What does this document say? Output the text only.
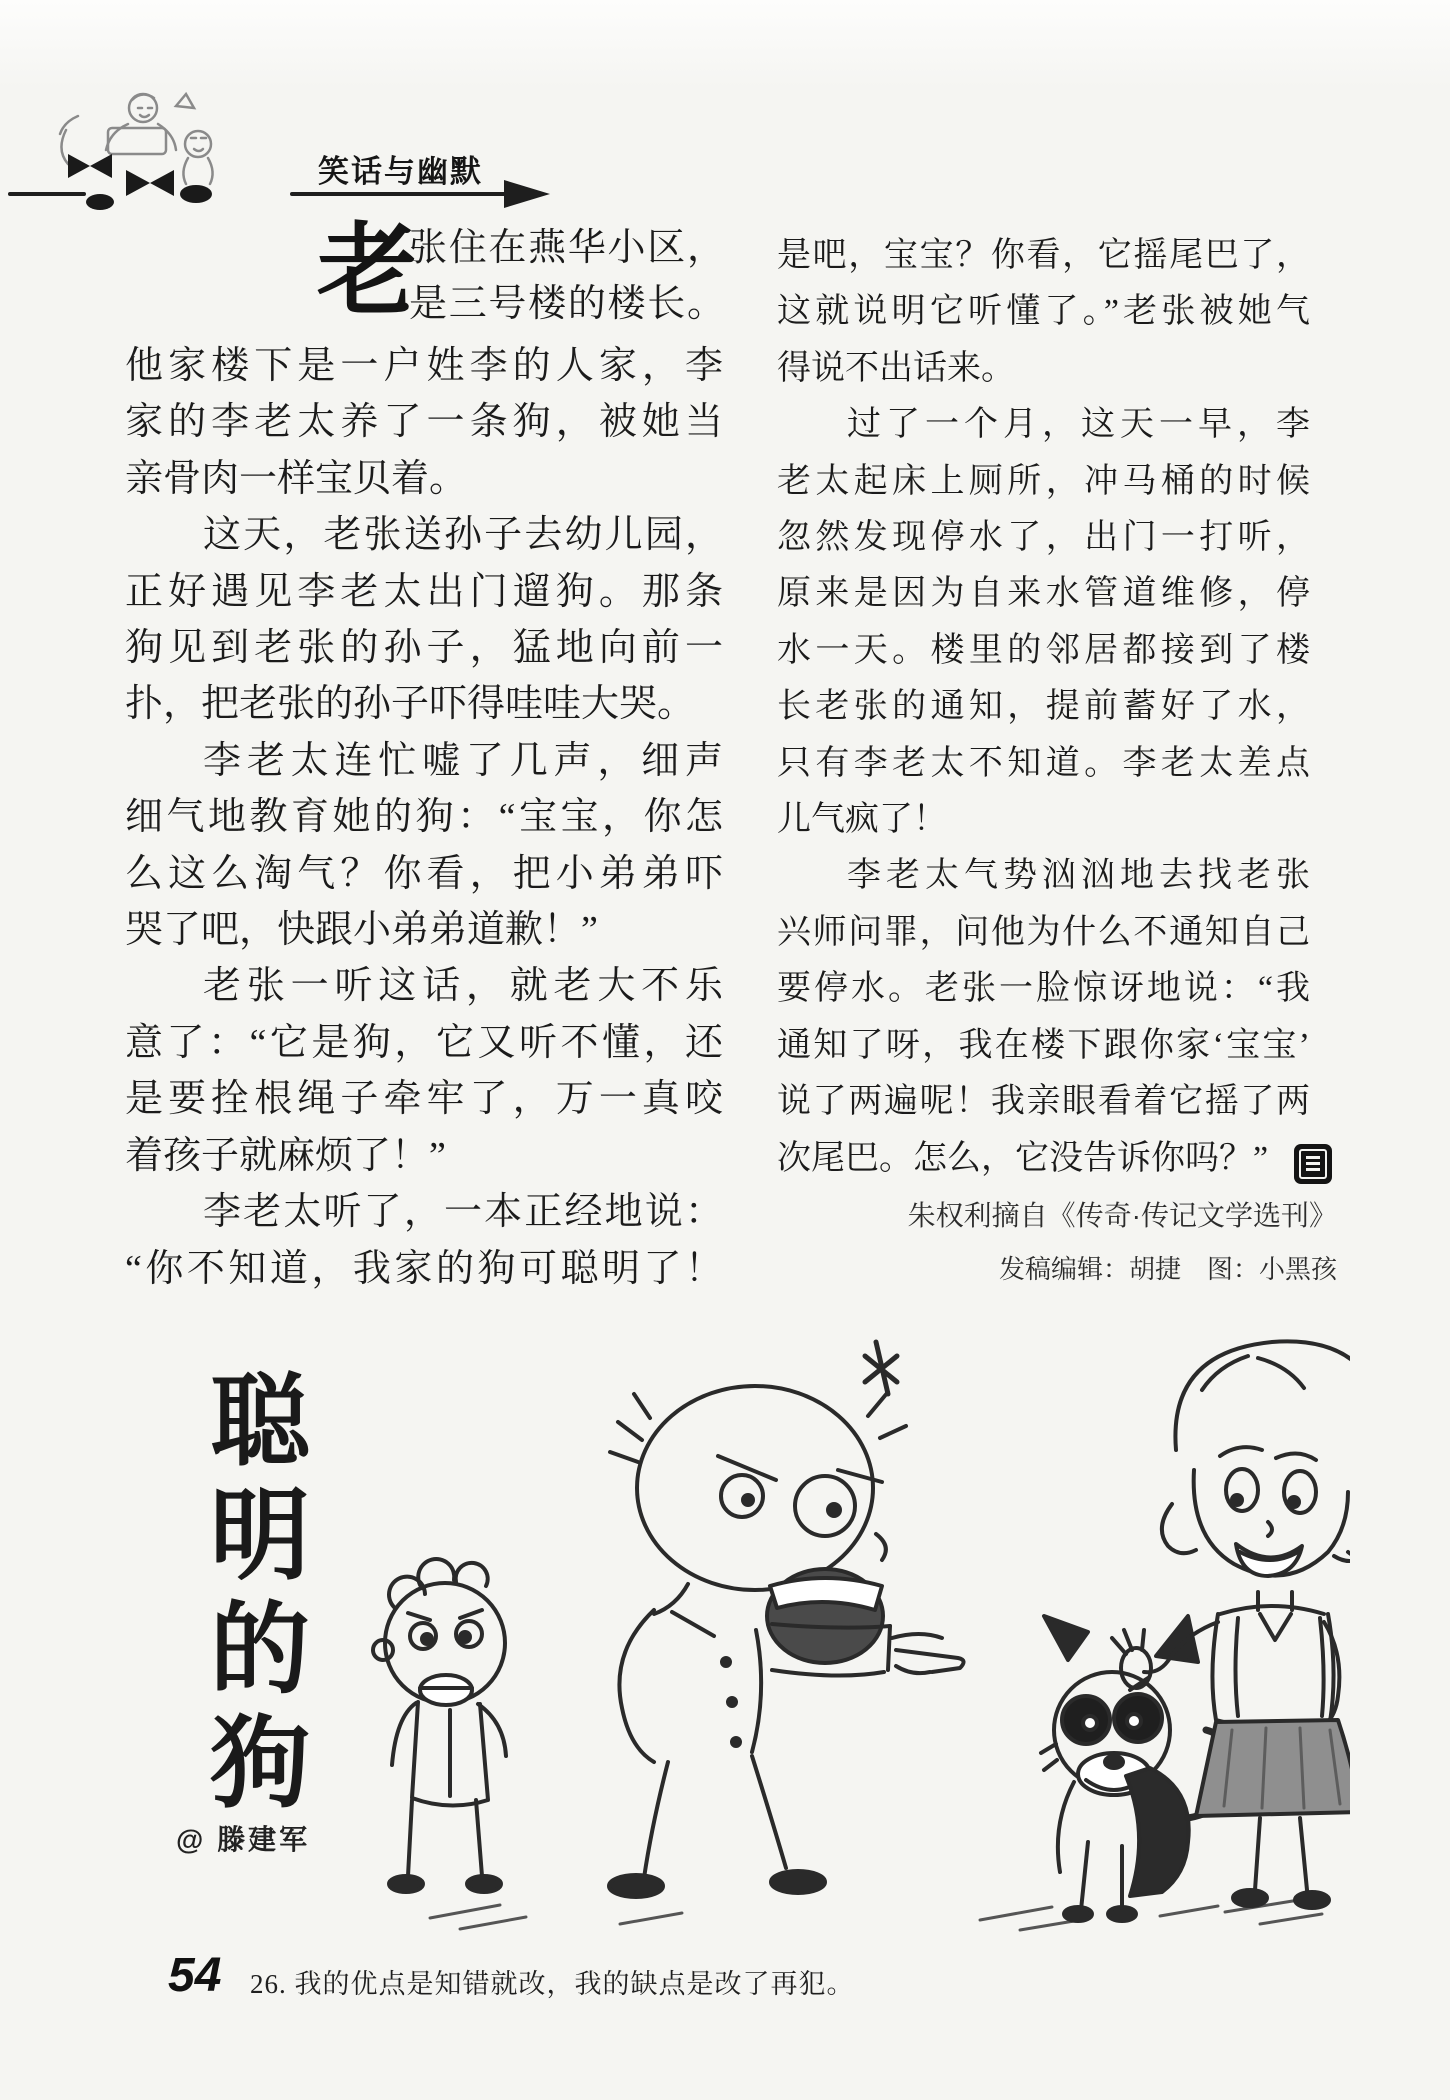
笑话与幽默
老
张住在燕华小区，
是三号楼的楼长。
他家楼下是一户姓李的人家，李
家的李老太养了一条狗，被她当
亲骨肉一样宝贝着。
这天，老张送孙子去幼儿园，
正好遇见李老太出门遛狗。那条
狗见到老张的孙子，猛地向前一
扑，把老张的孙子吓得哇哇大哭。
李老太连忙嘘了几声，细声
细气地教育她的狗：“宝宝，你怎
么这么淘气？你看，把小弟弟吓
哭了吧，快跟小弟弟道歉！”
老张一听这话，就老大不乐
意了：“它是狗，它又听不懂，还
是要拴根绳子牵牢了，万一真咬
着孩子就麻烦了！”
李老太听了，一本正经地说：
“你不知道，我家的狗可聪明了！
是吧，宝宝？你看，它摇尾巴了，
这就说明它听懂了。”老张被她气
得说不出话来。
过了一个月，这天一早，李
老太起床上厕所，冲马桶的时候
忽然发现停水了，出门一打听，
原来是因为自来水管道维修，停
水一天。楼里的邻居都接到了楼
长老张的通知，提前蓄好了水，
只有李老太不知道。李老太差点
儿气疯了！
李老太气势汹汹地去找老张
兴师问罪，问他为什么不通知自己
要停水。老张一脸惊讶地说：“我
通知了呀，我在楼下跟你家‘宝宝’
说了两遍呢！我亲眼看着它摇了两
次尾巴。怎么，它没告诉你吗？”
朱权利摘自《传奇·传记文学选刊》
发稿编辑：胡捷　图：小黑孩
聪明的狗
@ 滕建军
54 26. 我的优点是知错就改，我的缺点是改了再犯。
